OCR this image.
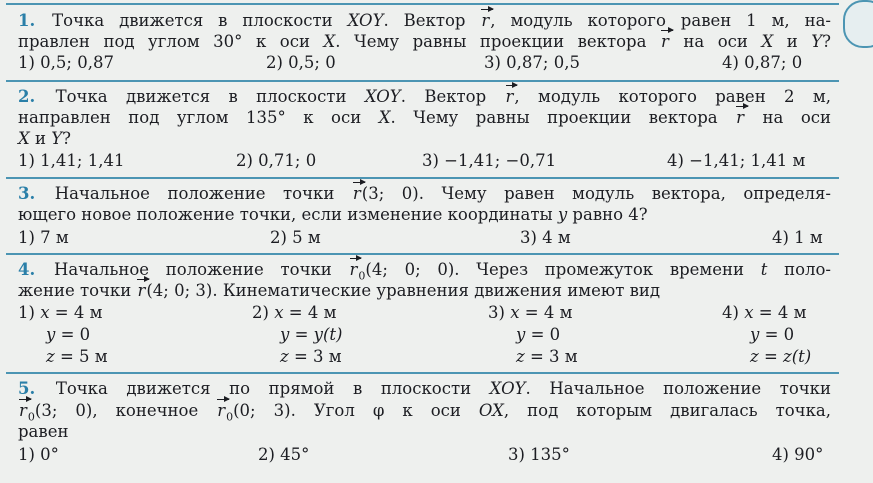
1. Точка движется в плоскости XOY. Вектор r, модуль которого равен 1 м, на-
правлен под углом 30° к оси X. Чему равны проекции вектора r на оси X и Y?
1) 0,5; 0,87	2) 0,5; 0	3) 0,87; 0,5	4) 0,87; 0
2. Точка движется в плоскости XOY. Вектор r, модуль которого равен 2 м,
направлен под углом 135° к оси X. Чему равны проекции вектора r на оси
X и Y?
1) 1,41; 1,41	2) 0,71; 0	3) −1,41; −0,71	4) −1,41; 1,41 м
3. Начальное положение точки r(3; 0). Чему равен модуль вектора, определя-
ющего новое положение точки, если изменение координаты y равно 4?
1) 7 м	2) 5 м	3) 4 м	4) 1 м
4. Начальное положение точки $r_0(4$; 0; 0). Через промежуток времени t поло-
жение точки r(4; 0; 3). Кинематические уравнения движения имеют вид
1) x = 4 м
y = 0
z = 5 м
2) x = 4 м
y = y(t)
z = 3 м
3) x = 4 м
y = 0
z = 3 м
4) x = 4 м
y = 0
z = z(t)
5. Точка движется по прямой в плоскости XOY. Начальное положение точки
$r_0(3$; 0), конечное $r_0(0$; 3). Угол φ к оси OX, под которым двигалась точка,
равен
1) 0°	2) 45°	3) 135°	4) 90°
